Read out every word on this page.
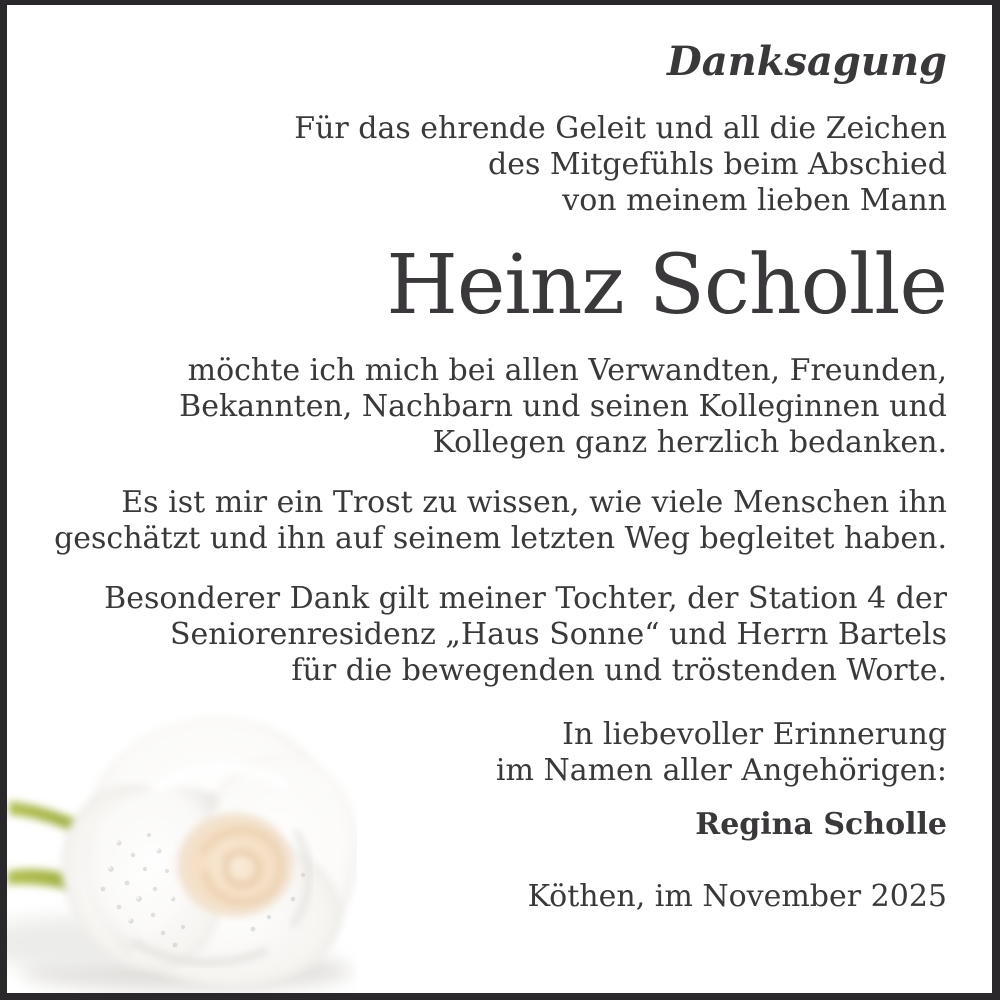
Danksagung
Für das ehrende Geleit und all die Zeichen
des Mitgefühls beim Abschied
von meinem lieben Mann
Heinz Scholle
möchte ich mich bei allen Verwandten, Freunden,
Bekannten, Nachbarn und seinen Kolleginnen und
Kollegen ganz herzlich bedanken.
Es ist mir ein Trost zu wissen, wie viele Menschen ihn
geschätzt und ihn auf seinem letzten Weg begleitet haben.
Besonderer Dank gilt meiner Tochter, der Station 4 der
Seniorenresidenz „Haus Sonne“ und Herrn Bartels
für die bewegenden und tröstenden Worte.
In liebevoller Erinnerung
im Namen aller Angehörigen:
Regina Scholle
Köthen, im November 2025
